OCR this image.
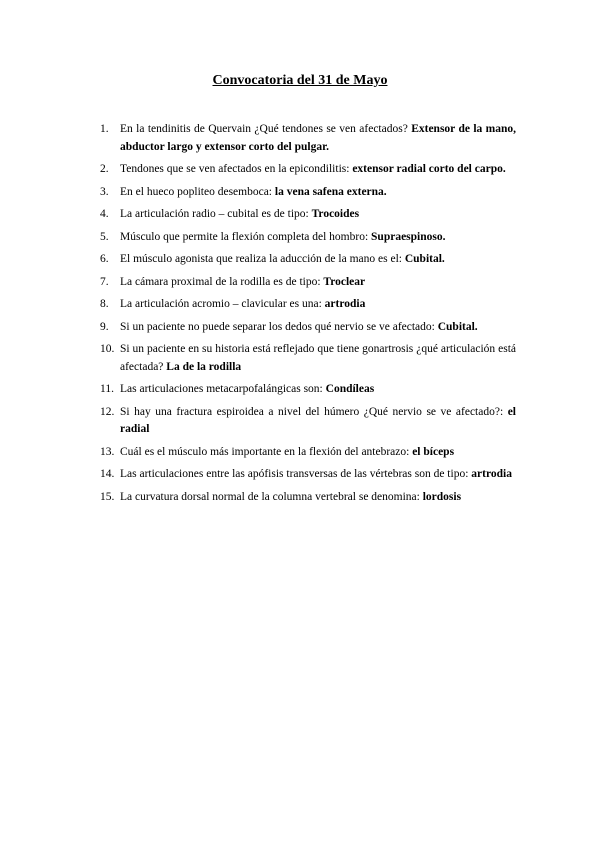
Convocatoria del 31 de Mayo
1. En la tendinitis de Quervain ¿Qué tendones se ven afectados? Extensor de la mano, abductor largo y extensor corto del pulgar.
2. Tendones que se ven afectados en la epicondilitis: extensor radial corto del carpo.
3. En el hueco popliteo desemboca: la vena safena externa.
4. La articulación radio – cubital es de tipo: Trocoides
5. Músculo que permite la flexión completa del hombro: Supraespinoso.
6. El músculo agonista que realiza la aducción de la mano es el: Cubital.
7. La cámara proximal de la rodilla es de tipo: Troclear
8. La articulación acromio – clavicular es una: artrodia
9. Si un paciente no puede separar los dedos qué nervio se ve afectado: Cubital.
10. Si un paciente en su historia está reflejado que tiene gonartrosis ¿qué articulación está afectada? La de la rodilla
11. Las articulaciones metacarpofalángicas son: Condíleas
12. Si hay una fractura espiroidea a nivel del húmero ¿Qué nervio se ve afectado?: el radial
13. Cuál es el músculo más importante en la flexión del antebrazo: el bíceps
14. Las articulaciones entre las apófisis transversas de las vértebras son de tipo: artrodia
15. La curvatura dorsal normal de la columna vertebral se denomina: lordosis
